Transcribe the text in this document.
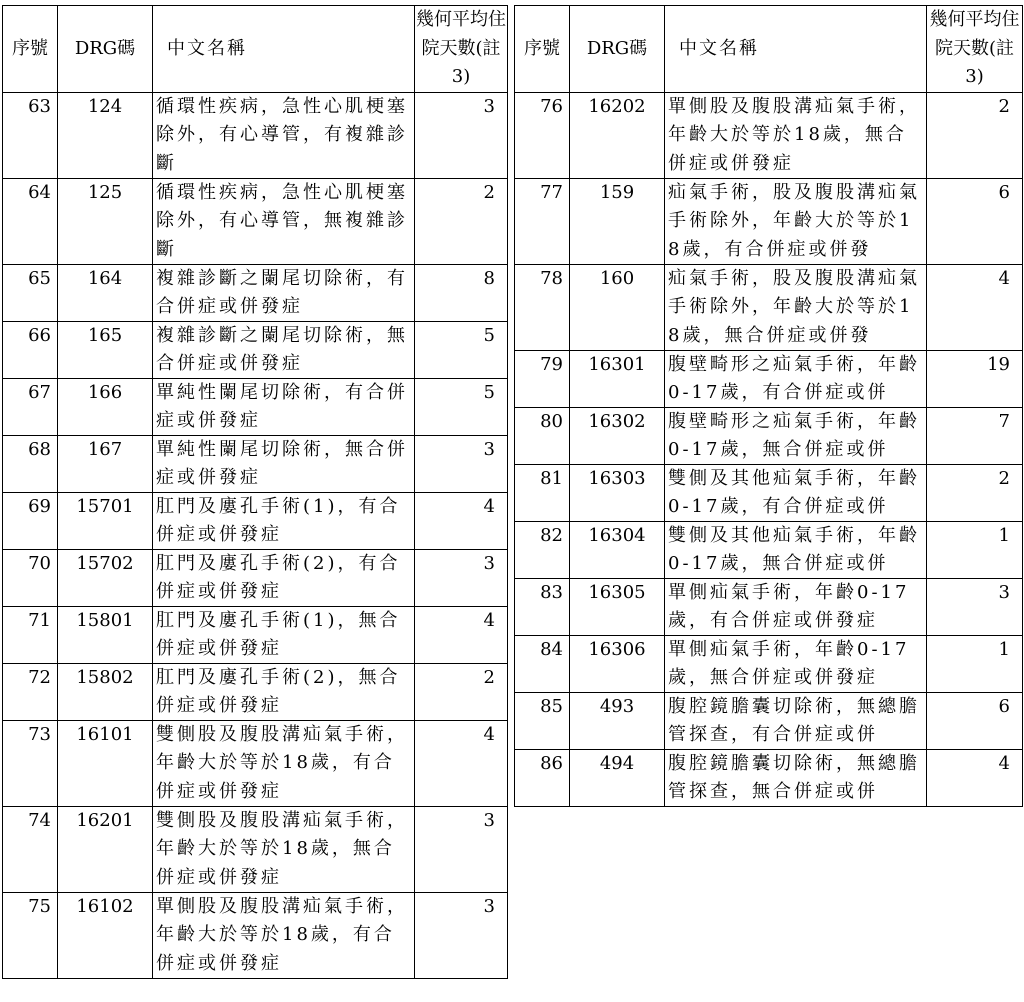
序號	DRG碼	中文名稱	幾何平均住院天數(註3)

63	124	循環性疾病，急性心肌梗塞除外，有心導管，有複雜診斷	3

64	125	循環性疾病，急性心肌梗塞除外，有心導管，無複雜診斷	2

65	164	複雜診斷之闌尾切除術，有合併症或併發症	8

66	165	複雜診斷之闌尾切除術，無合併症或併發症	5

67	166	單純性闌尾切除術，有合併症或併發症	5

68	167	單純性闌尾切除術，無合併症或併發症	3

69	15701	肛門及廔孔手術(1)，有合併症或併發症	4

70	15702	肛門及廔孔手術(2)，有合併症或併發症	3

71	15801	肛門及廔孔手術(1)，無合併症或併發症	4

72	15802	肛門及廔孔手術(2)，無合併症或併發症	2

73	16101	雙側股及腹股溝疝氣手術，年齡大於等於18歲，有合併症或併發症	4

74	16201	雙側股及腹股溝疝氣手術，年齡大於等於18歲，無合併症或併發症	3

75	16102	單側股及腹股溝疝氣手術，年齡大於等於18歲，有合併症或併發症	3
序號	DRG碼	中文名稱	幾何平均住院天數(註3)

76	16202	單側股及腹股溝疝氣手術，年齡大於等於18歲，無合併症或併發症	2

77	159	疝氣手術，股及腹股溝疝氣手術除外，年齡大於等於18歲，有合併症或併發	6

78	160	疝氣手術，股及腹股溝疝氣手術除外，年齡大於等於18歲，無合併症或併發	4

79	16301	腹壁畸形之疝氣手術，年齡0-17歲，有合併症或併	19

80	16302	腹壁畸形之疝氣手術，年齡0-17歲，無合併症或併	7

81	16303	雙側及其他疝氣手術，年齡0-17歲，有合併症或併	2

82	16304	雙側及其他疝氣手術，年齡0-17歲，無合併症或併	1

83	16305	單側疝氣手術，年齡0-17歲，有合併症或併發症	3

84	16306	單側疝氣手術，年齡0-17歲，無合併症或併發症	1

85	493	腹腔鏡膽囊切除術，無總膽管探查，有合併症或併	6

86	494	腹腔鏡膽囊切除術，無總膽管探查，無合併症或併	4
